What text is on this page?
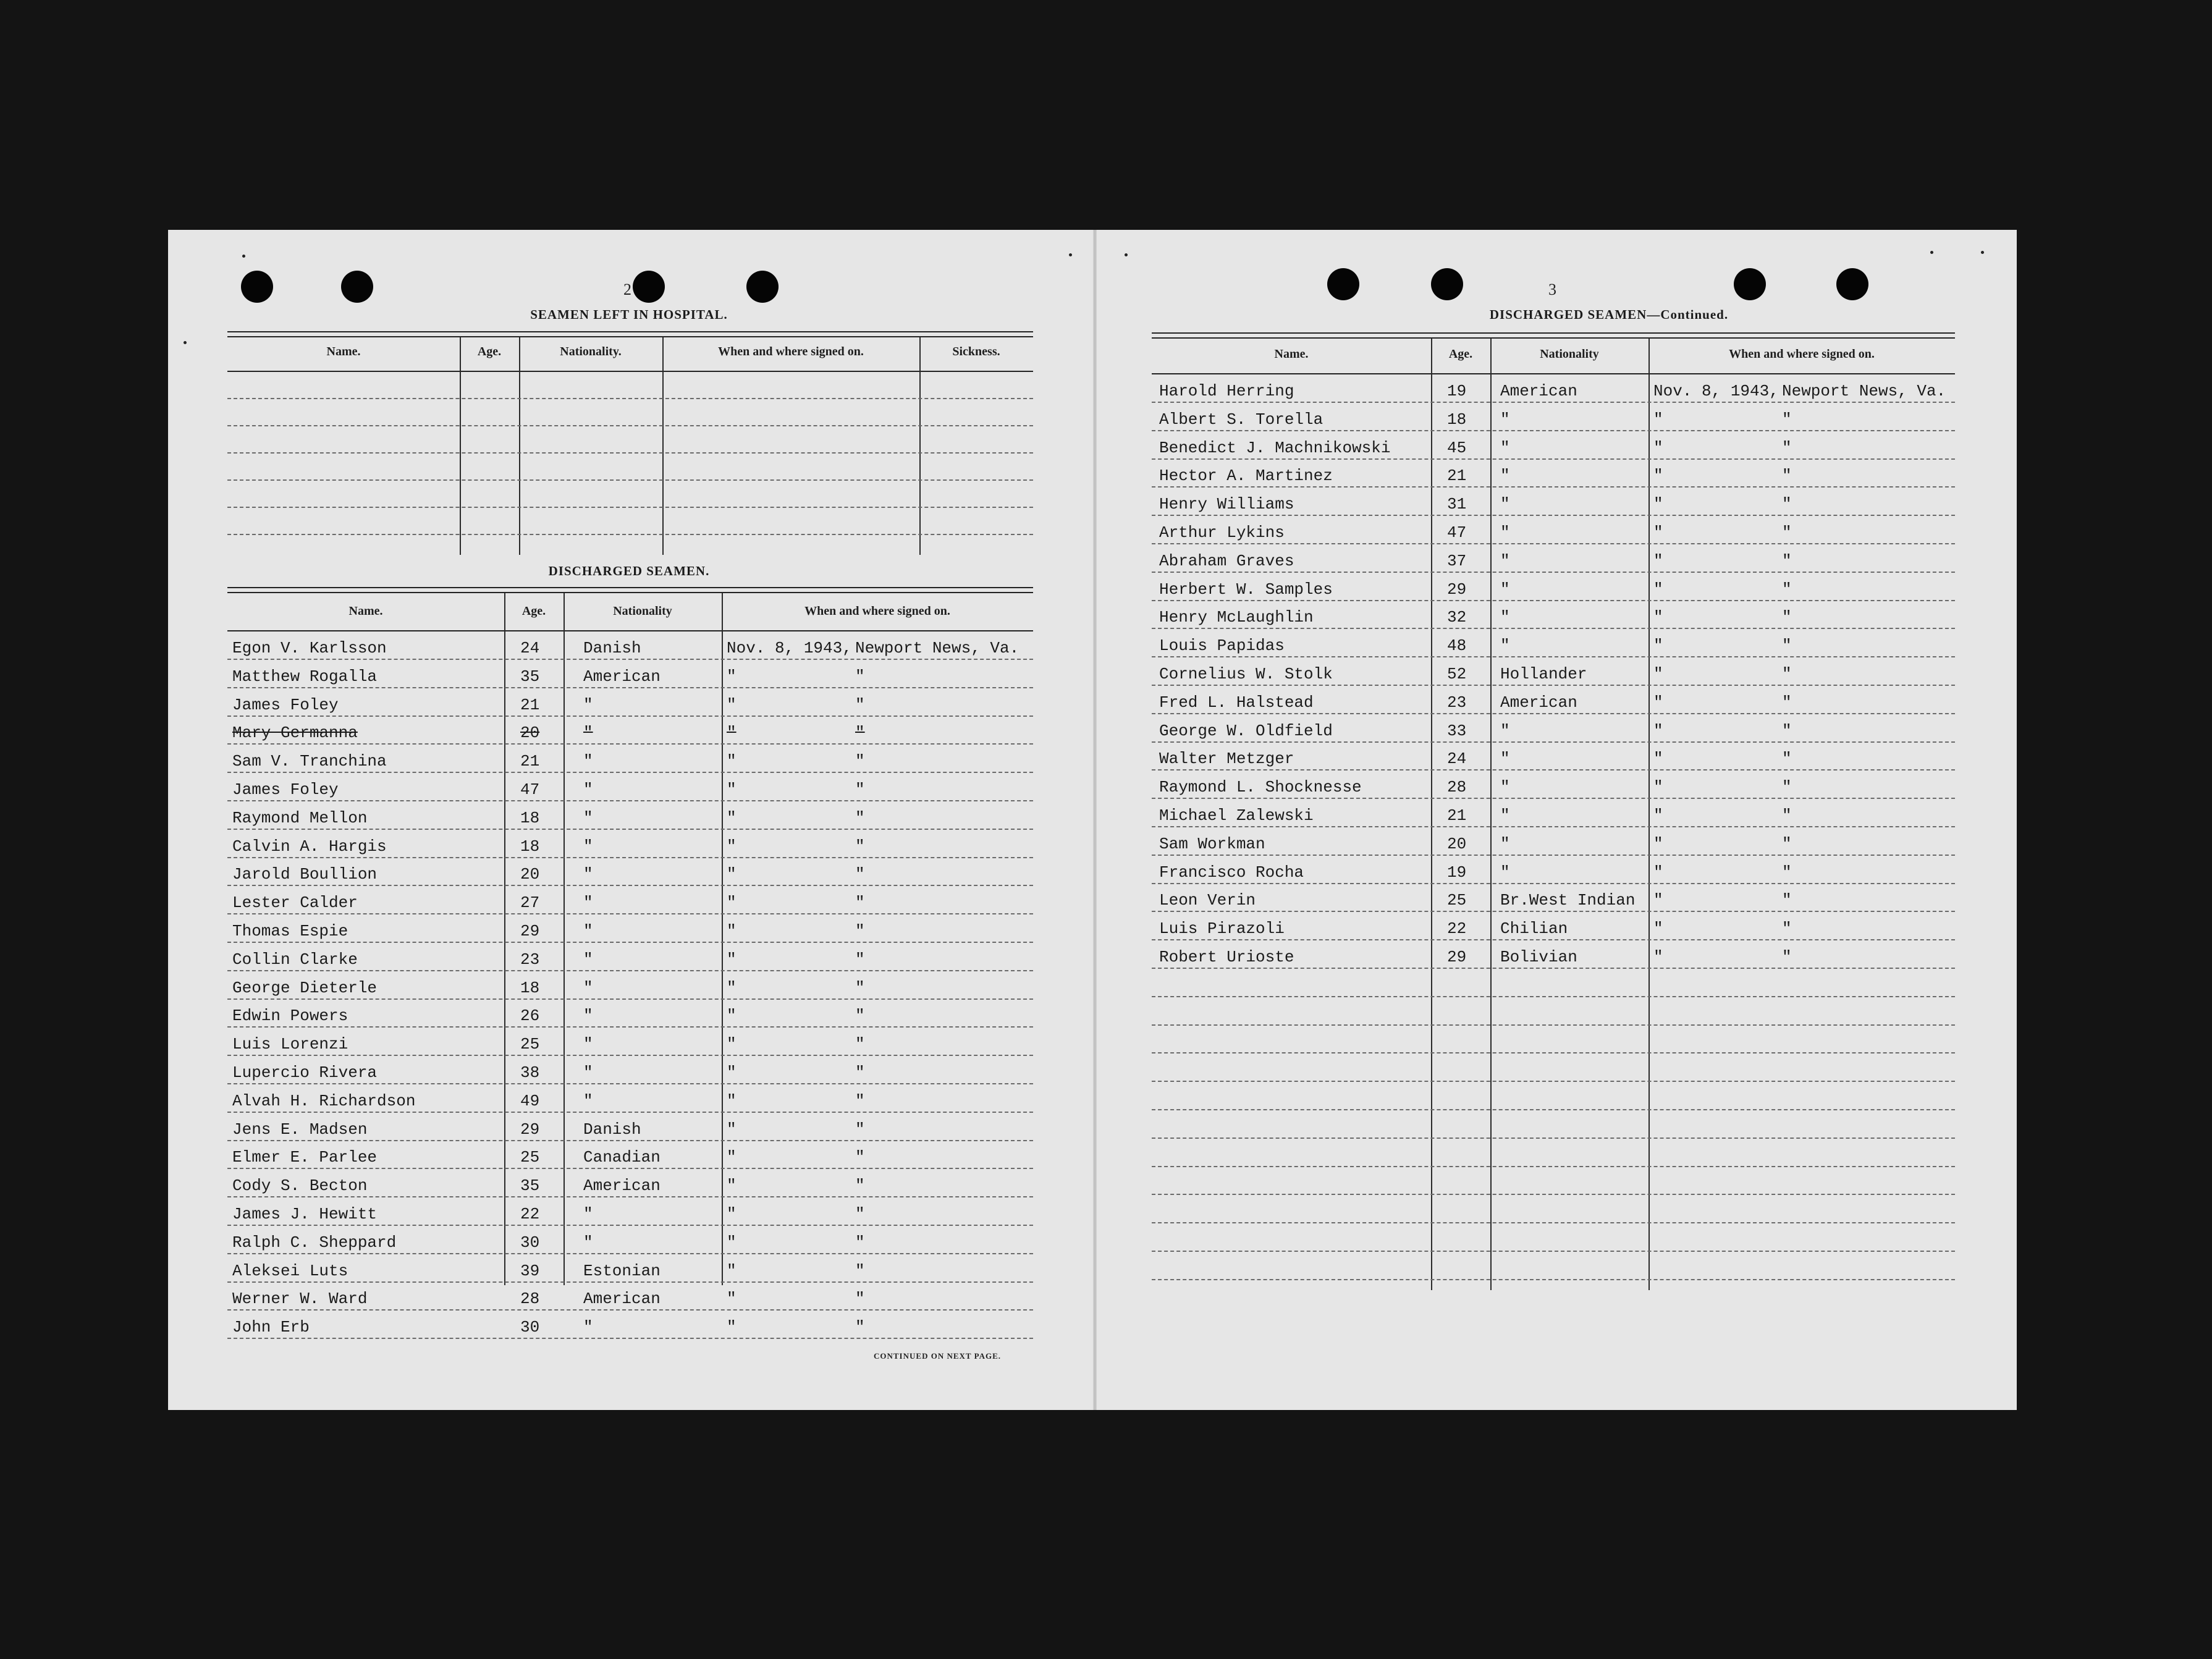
2
SEAMEN LEFT IN HOSPITAL.
Name.	Age.	Nationality.	When and where signed on.	Sickness.
DISCHARGED SEAMEN.
Name.	Age.	Nationality	When and where signed on.
Egon V. Karlsson	24	Danish	Nov. 8, 1943, Newport News, Va.
Matthew Rogalla	35	American	"	"
James Foley	21	"	"	"
Mary Germanna	20	"	"	"
Sam V. Tranchina	21	"	"	"
James Foley	47	"	"	"
Raymond Mellon	18	"	"	"
Calvin A. Hargis	18	"	"	"
Jarold Boullion	20	"	"	"
Lester Calder	27	"	"	"
Thomas Espie	29	"	"	"
Collin Clarke	23	"	"	"
George Dieterle	18	"	"	"
Edwin Powers	26	"	"	"
Luis Lorenzi	25	"	"	"
Lupercio Rivera	38	"	"	"
Alvah H. Richardson	49	"	"	"
Jens E. Madsen	29	Danish	"	"
Elmer E. Parlee	25	Canadian	"	"
Cody S. Becton	35	American	"	"
James J. Hewitt	22	"	"	"
Ralph C. Sheppard	30	"	"	"
Aleksei Luts	39	Estonian	"	"
Werner W. Ward	28	American	"	"
John Erb	30	"	"	"
CONTINUED ON NEXT PAGE.
3
DISCHARGED SEAMEN—Continued.
Name.	Age.	Nationality	When and where signed on.
Harold Herring	19 American	Nov. 8, 1943, Newport News, Va.
Albert S. Torella	18 "	"	"
Benedict J. Machnikowski	45 "	"	"
Hector A. Martinez	21 "	"	"
Henry Williams	31 "	"	"
Arthur Lykins	47 "	"	"
Abraham Graves	37 "	"	"
Herbert W. Samples	29 "	"	"
Henry McLaughlin	32 "	"	"
Louis Papidas	48 "	"	"
Cornelius W. Stolk	52 Hollander	"	"
Fred L. Halstead	23 American	"	"
George W. Oldfield	33 "	"	"
Walter Metzger	24 "	"	"
Raymond L. Shocknesse	28 "	"	"
Michael Zalewski	21 "	"	"
Sam Workman	20 "	"	"
Francisco Rocha	19 "	"	"
Leon Verin	25 Br.West Indian "	"
Luis Pirazoli	22 Chilian	"	"
Robert Urioste	29 Bolivian	"	"
